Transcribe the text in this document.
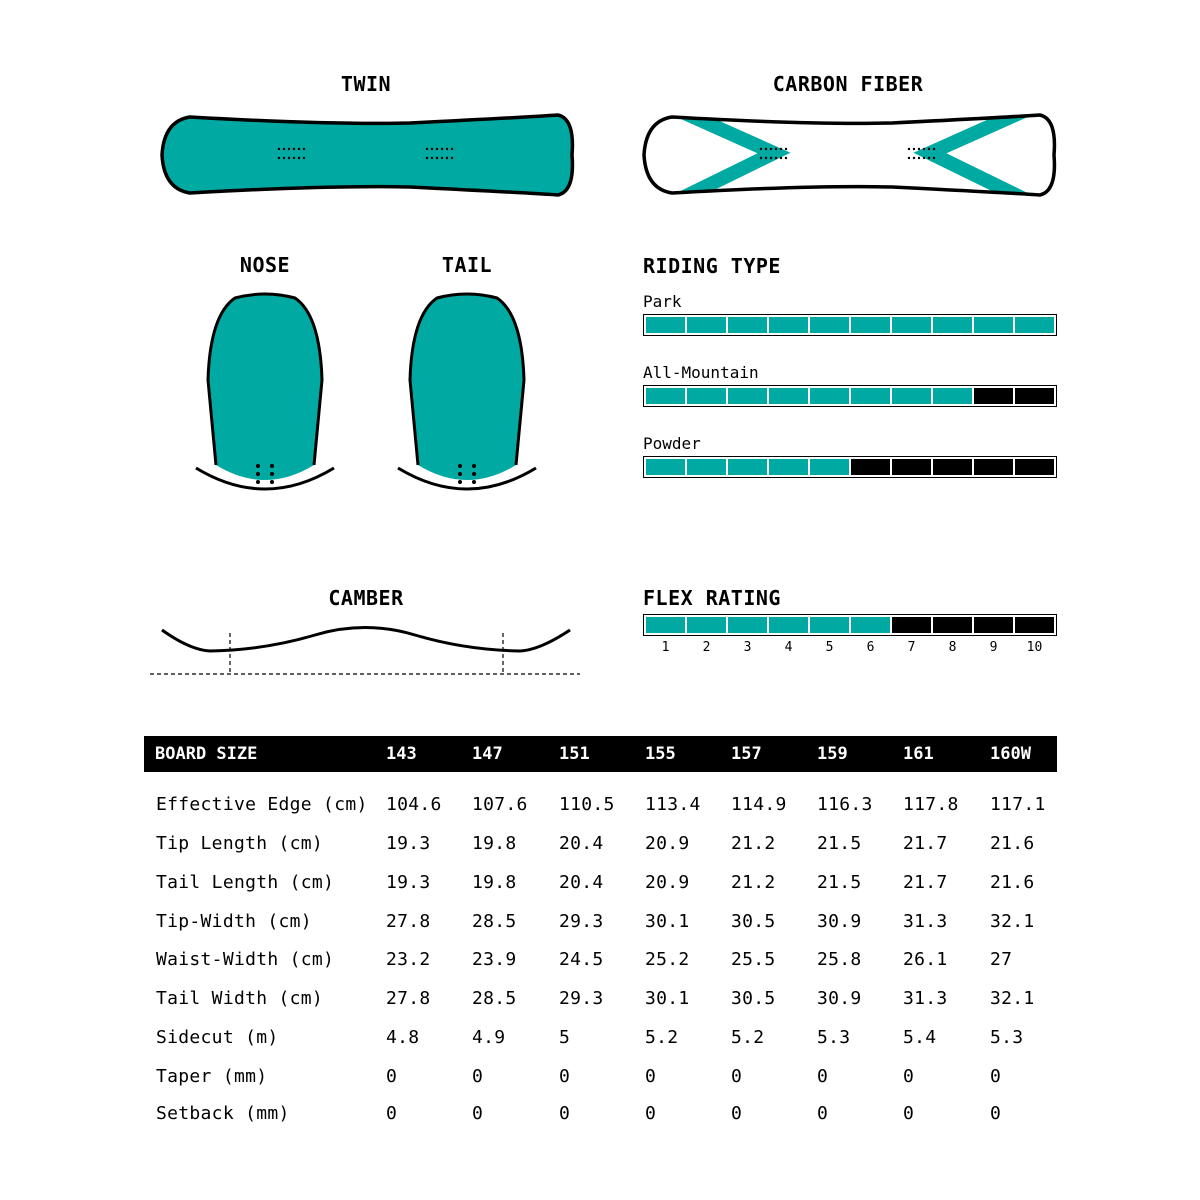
TWIN	CARBON FIBER
NOSE	TAIL	RIDING TYPE
Park
All-Mountain
Powder
CAMBER	FLEX RATING
1	2	3	4	5	6	7	8	9	10
BOARD SIZE	143	147	151	155	157	159	161	160W
Effective Edge (cm) 104.6 107.6 110.5 113.4 114.9 116.3 117.8 117.1
Tip Length (cm)	19.3 19.8 20.4 20.9 21.2 21.5 21.7 21.6
Tail Length (cm)	19.3 19.8 20.4 20.9 21.2 21.5 21.7 21.6
Tip-Width (cm)	27.8 28.5 29.3 30.1 30.5 30.9 31.3 32.1
Waist-Width (cm)	23.2 23.9 24.5 25.2 25.5 25.8 26.1 27
Tail Width (cm)	27.8 28.5 29.3 30.1 30.5 30.9 31.3 32.1
Sidecut (m)	4.8	4.9	5	5.2	5.2	5.3	5.4	5.3
Taper (mm)	0	0	0	0	0	0	0	0
Setback (mm)	0	0	0	0	0	0	0	0
